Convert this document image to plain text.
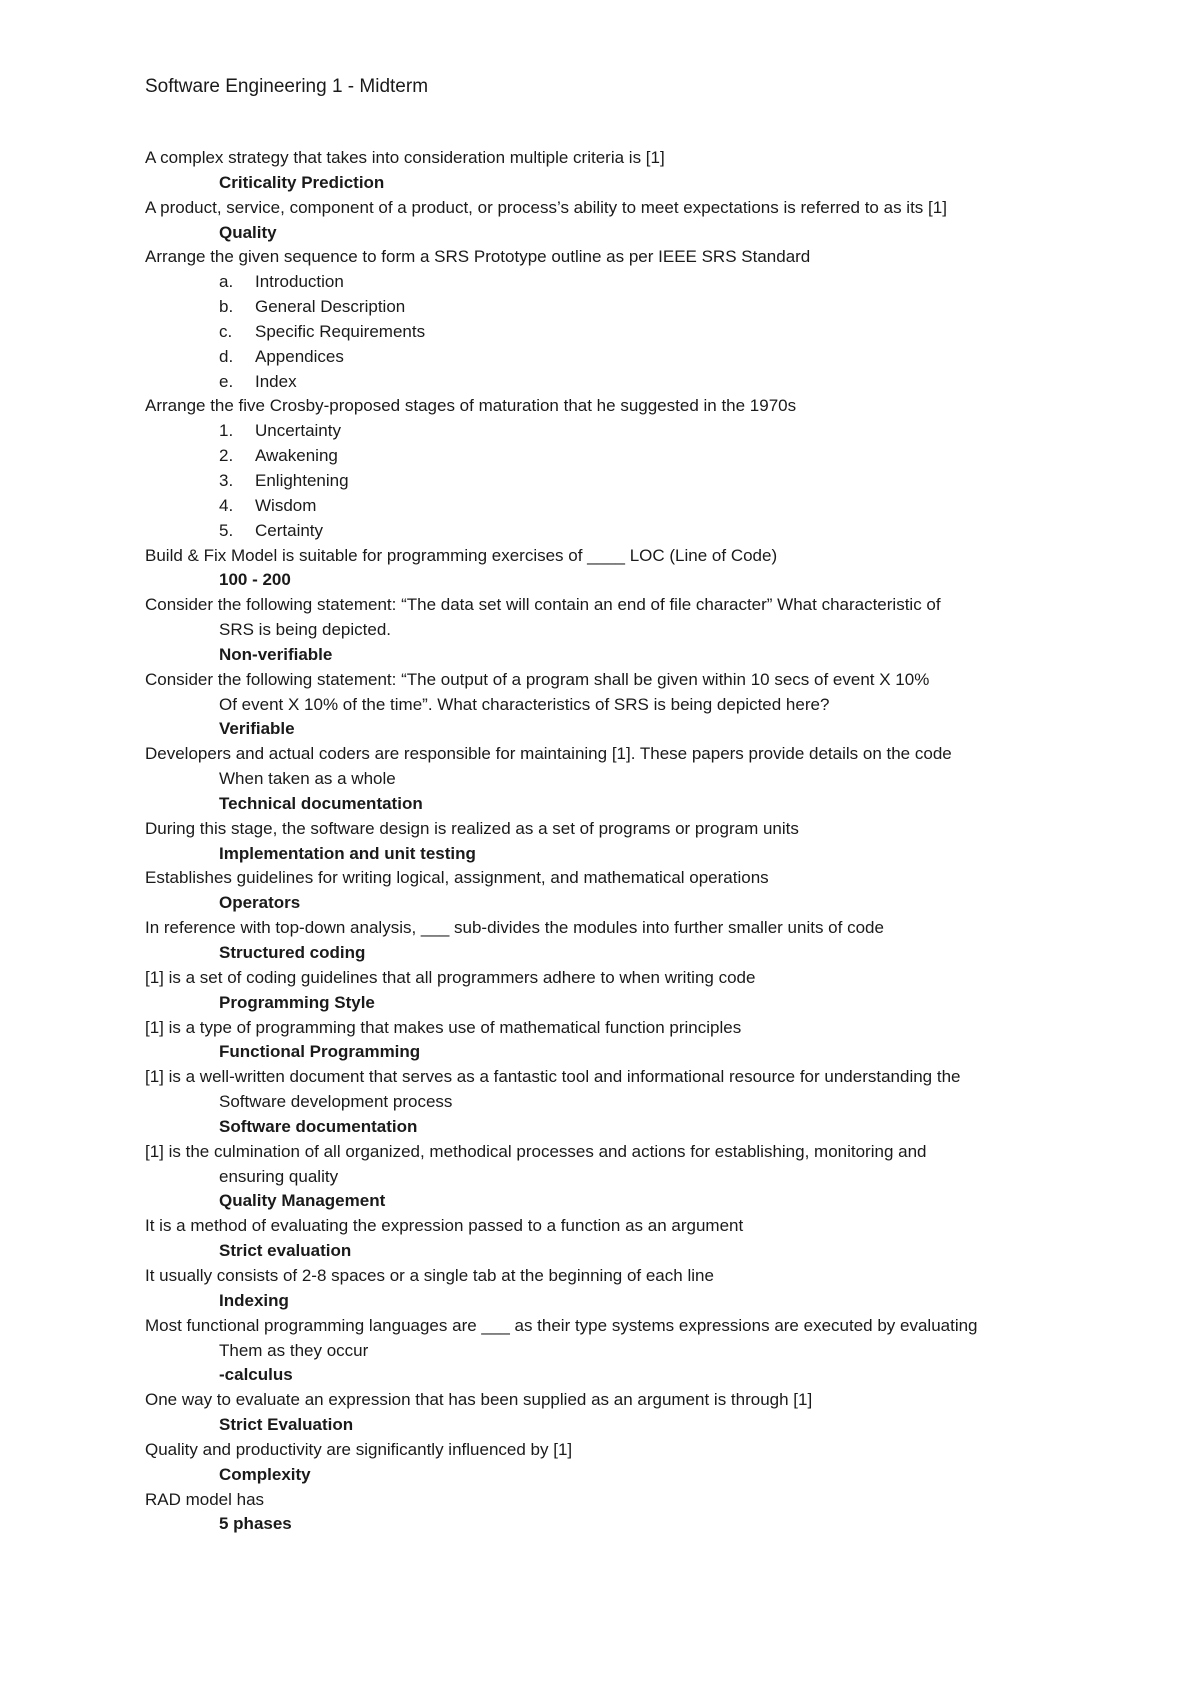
Software Engineering 1 - Midterm
A complex strategy that takes into consideration multiple criteria is [1]
Criticality Prediction
A product, service, component of a product, or process’s ability to meet expectations is referred to as its [1]
Quality
Arrange the given sequence to form a SRS Prototype outline as per IEEE SRS Standard
a. Introduction
b. General Description
c. Specific Requirements
d. Appendices
e. Index
Arrange the five Crosby-proposed stages of maturation that he suggested in the 1970s
1. Uncertainty
2. Awakening
3. Enlightening
4. Wisdom
5. Certainty
Build & Fix Model is suitable for programming exercises of ____ LOC (Line of Code)
100 - 200
Consider the following statement: “The data set will contain an end of file character” What characteristic of
SRS is being depicted.
Non-verifiable
Consider the following statement: “The output of a program shall be given within 10 secs of event X 10%
Of event X 10% of the time”. What characteristics of SRS is being depicted here?
Verifiable
Developers and actual coders are responsible for maintaining [1]. These papers provide details on the code
When taken as a whole
Technical documentation
During this stage, the software design is realized as a set of programs or program units
Implementation and unit testing
Establishes guidelines for writing logical, assignment, and mathematical operations
Operators
In reference with top-down analysis, ___ sub-divides the modules into further smaller units of code
Structured coding
[1] is a set of coding guidelines that all programmers adhere to when writing code
Programming Style
[1] is a type of programming that makes use of mathematical function principles
Functional Programming
[1] is a well-written document that serves as a fantastic tool and informational resource for understanding the
Software development process
Software documentation
[1] is the culmination of all organized, methodical processes and actions for establishing, monitoring and
ensuring quality
Quality Management
It is a method of evaluating the expression passed to a function as an argument
Strict evaluation
It usually consists of 2-8 spaces or a single tab at the beginning of each line
Indexing
Most functional programming languages are ___ as their type systems expressions are executed by evaluating
Them as they occur
-calculus
One way to evaluate an expression that has been supplied as an argument is through [1]
Strict Evaluation
Quality and productivity are significantly influenced by [1]
Complexity
RAD model has
5 phases
